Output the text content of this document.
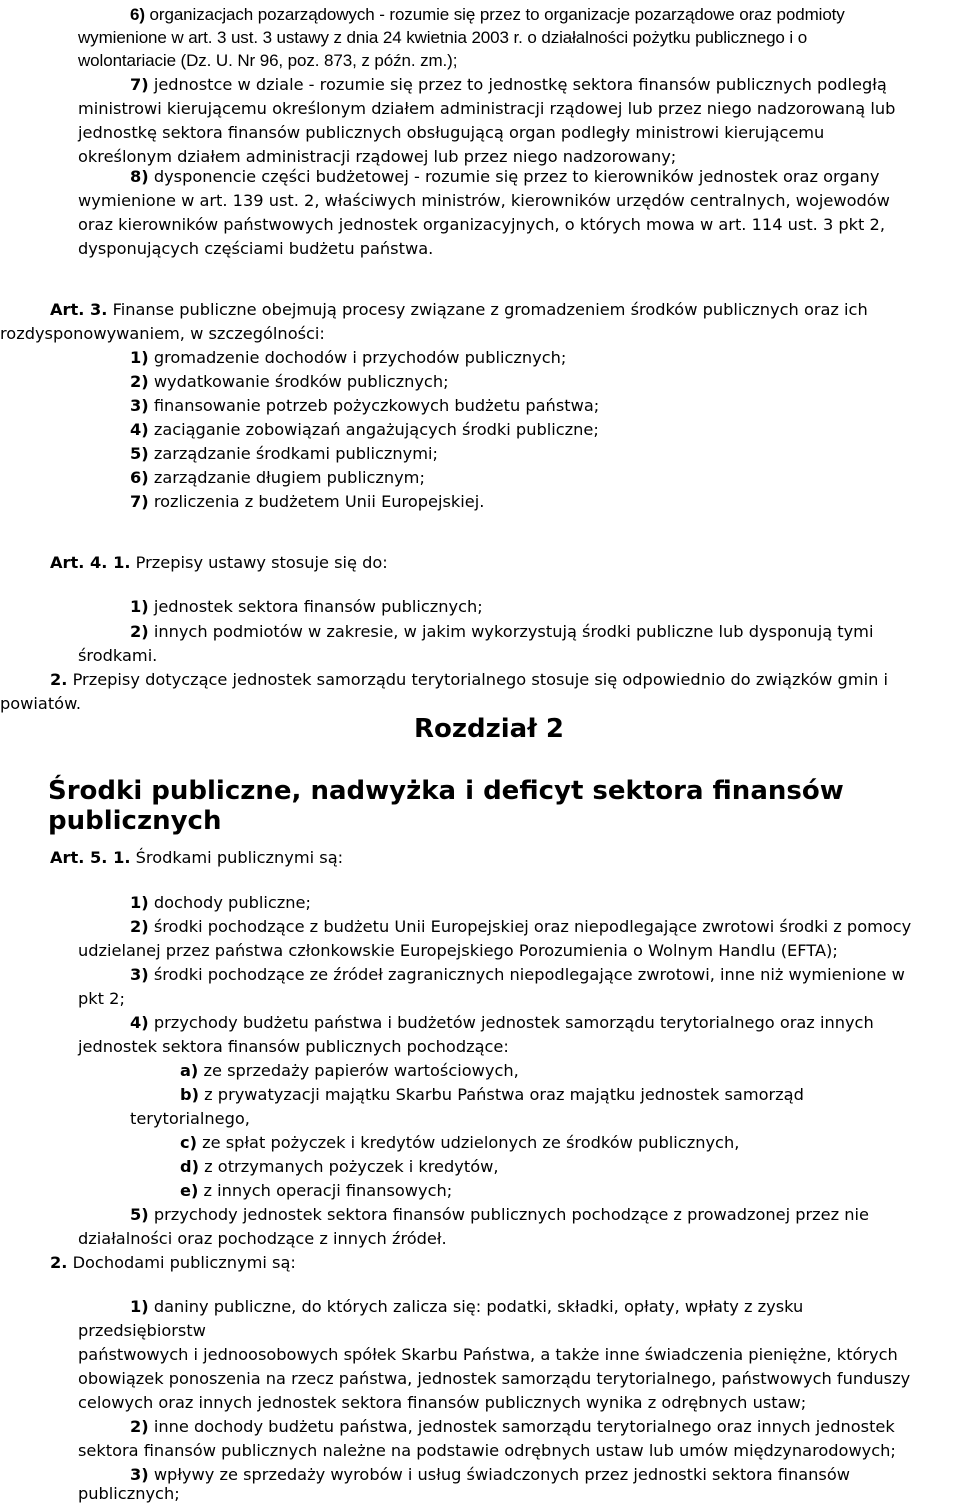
6) organizacjach pozarządowych - rozumie się przez to organizacje pozarządowe oraz podmioty
wymienione w art. 3 ust. 3 ustawy z dnia 24 kwietnia 2003 r. o działalności pożytku publicznego i o
wolontariacie (Dz. U. Nr 96, poz. 873, z późn. zm.);
7) jednostce w dziale - rozumie się przez to jednostkę sektora finansów publicznych podległą
ministrowi kierującemu określonym działem administracji rządowej lub przez niego nadzorowaną lub
jednostkę sektora finansów publicznych obsługującą organ podległy ministrowi kierującemu
określonym działem administracji rządowej lub przez niego nadzorowany;
8) dysponencie części budżetowej - rozumie się przez to kierowników jednostek oraz organy
wymienione w art. 139 ust. 2, właściwych ministrów, kierowników urzędów centralnych, wojewodów
oraz kierowników państwowych jednostek organizacyjnych, o których mowa w art. 114 ust. 3 pkt 2,
dysponujących częściami budżetu państwa.
Art. 3. Finanse publiczne obejmują procesy związane z gromadzeniem środków publicznych oraz ich
rozdysponowywaniem, w szczególności:
1) gromadzenie dochodów i przychodów publicznych;
2) wydatkowanie środków publicznych;
3) finansowanie potrzeb pożyczkowych budżetu państwa;
4) zaciąganie zobowiązań angażujących środki publiczne;
5) zarządzanie środkami publicznymi;
6) zarządzanie długiem publicznym;
7) rozliczenia z budżetem Unii Europejskiej.
Art. 4. 1. Przepisy ustawy stosuje się do:
1) jednostek sektora finansów publicznych;
2) innych podmiotów w zakresie, w jakim wykorzystują środki publiczne lub dysponują tymi
środkami.
2. Przepisy dotyczące jednostek samorządu terytorialnego stosuje się odpowiednio do związków gmin i
powiatów.
Rozdział 2
Środki publiczne, nadwyżka i deficyt sektora finansów publicznych
Art. 5. 1. Środkami publicznymi są:
1) dochody publiczne;
2) środki pochodzące z budżetu Unii Europejskiej oraz niepodlegające zwrotowi środki z pomocy
udzielanej przez państwa członkowskie Europejskiego Porozumienia o Wolnym Handlu (EFTA);
3) środki pochodzące ze źródeł zagranicznych niepodlegające zwrotowi, inne niż wymienione w
pkt 2;
4) przychody budżetu państwa i budżetów jednostek samorządu terytorialnego oraz innych
jednostek sektora finansów publicznych pochodzące:
a) ze sprzedaży papierów wartościowych,
b) z prywatyzacji majątku Skarbu Państwa oraz majątku jednostek samorząd
terytorialnego,
c) ze spłat pożyczek i kredytów udzielonych ze środków publicznych,
d) z otrzymanych pożyczek i kredytów,
e) z innych operacji finansowych;
5) przychody jednostek sektora finansów publicznych pochodzące z prowadzonej przez nie
działalności oraz pochodzące z innych źródeł.
2. Dochodami publicznymi są:
1) daniny publiczne, do których zalicza się: podatki, składki, opłaty, wpłaty z zysku
przedsiębiorstw
państwowych i jednoosobowych spółek Skarbu Państwa, a także inne świadczenia pieniężne, których
obowiązek ponoszenia na rzecz państwa, jednostek samorządu terytorialnego, państwowych funduszy
celowych oraz innych jednostek sektora finansów publicznych wynika z odrębnych ustaw;
2) inne dochody budżetu państwa, jednostek samorządu terytorialnego oraz innych jednostek
sektora finansów publicznych należne na podstawie odrębnych ustaw lub umów międzynarodowych;
3) wpływy ze sprzedaży wyrobów i usług świadczonych przez jednostki sektora finansów
publicznych;
